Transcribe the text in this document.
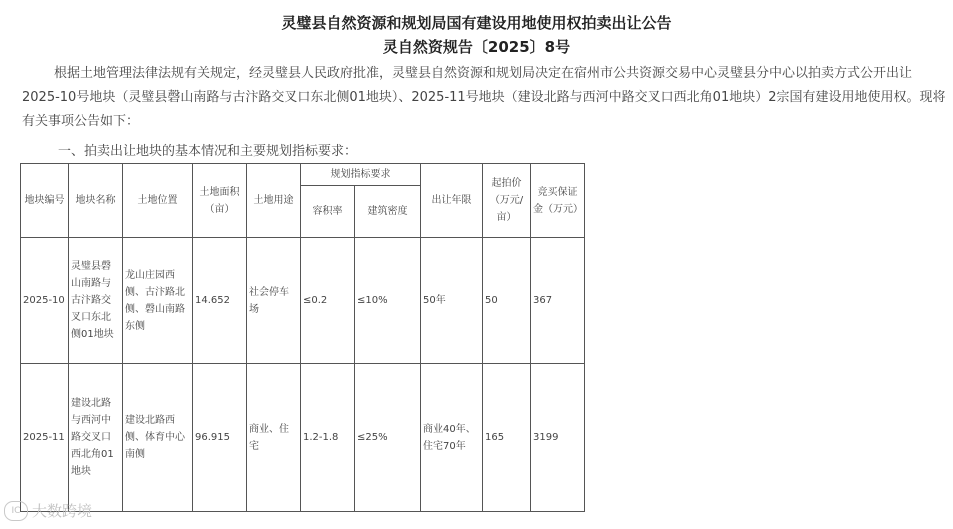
灵璧县自然资源和规划局国有建设用地使用权拍卖出让公告
灵自然资规告〔2025〕8号
根据土地管理法律法规有关规定，经灵璧县人民政府批准，灵璧县自然资源和规划局决定在宿州市公共资源交易中心灵璧县分中心以拍卖方式公开出让2025-10号地块（灵璧县磬山南路与古汴路交叉口东北侧01地块）、2025-11号地块（建设北路与西河中路交叉口西北角01地块）2宗国有建设用地使用权。现将有关事项公告如下：
一、拍卖出让地块的基本情况和主要规划指标要求：
地块编号	地块名称	土地位置	土地面积（亩）	土地用途	规划指标要求		出让年限	起拍价（万元/亩）	竞买保证金（万元）
					容积率	建筑密度			
2025-10	灵璧县磬山南路与古汴路交叉口东北侧01地块	龙山庄园西侧、古汴路北侧、磬山南路东侧	14.652	社会停车场	≤0.2	≤10%	50年	50	367
2025-11	建设北路与西河中路交叉口西北角01地块	建设北路西侧、体育中心南侧	96.915	商业、住宅	1.2-1.8	≤25%	商业40年、住宅70年	165	3199
IC 大数跨境
